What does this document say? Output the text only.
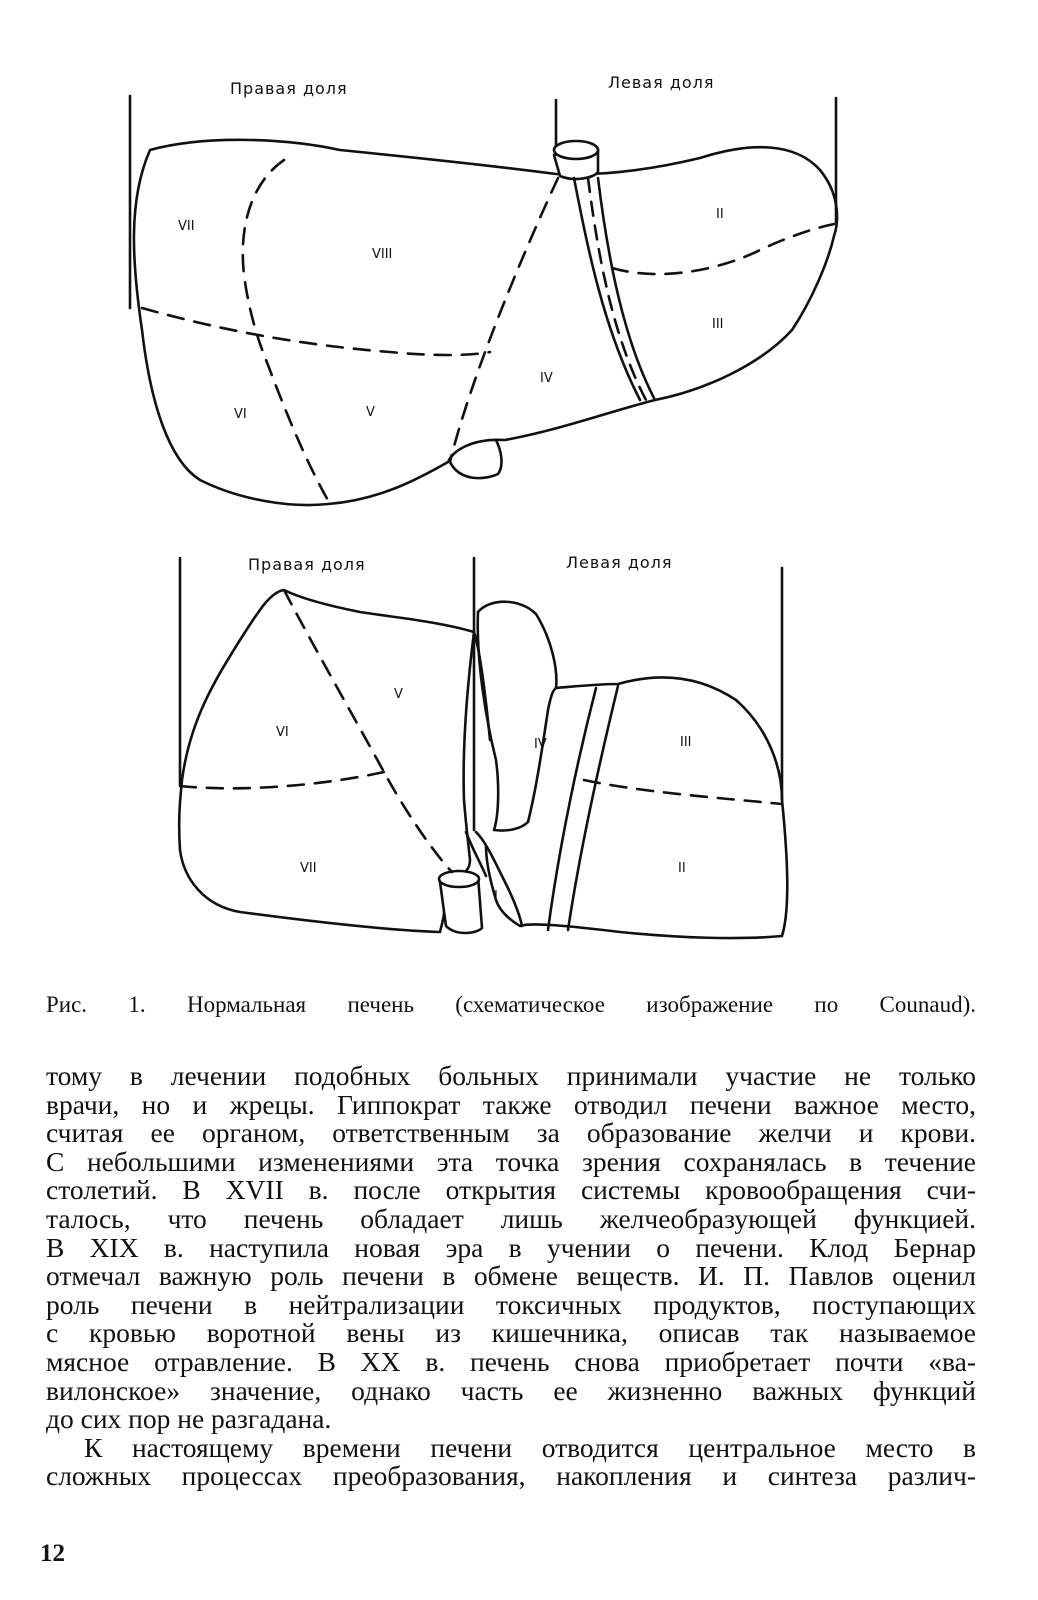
Правая доля	Левая доля
VII
VIII
II
III
IV
VI	V
Правая доля	Левая доля
V
VI
IV	III
VII	II
I
Рис. 1. Нормальная печень (схематическое изображение по Counaud).
тому в лечении подобных больных принимали участие не только
врачи, но и жрецы. Гиппократ также отводил печени важное место,
считая ее органом, ответственным за образование желчи и крови.
С небольшими изменениями эта точка зрения сохранялась в течение
столетий. В XVII в. после открытия системы кровообращения счи-
талось, что печень обладает лишь желчеобразующей функцией.
В XIX в. наступила новая эра в учении о печени. Клод Бернар
отмечал важную роль печени в обмене веществ. И. П. Павлов оценил
роль печени в нейтрализации токсичных продуктов, поступающих
с кровью воротной вены из кишечника, описав так называемое
мясное отравление. В XX в. печень снова приобретает почти «ва-
вилонское» значение, однако часть ее жизненно важных функций
до сих пор не разгадана.
К настоящему времени печени отводится центральное место в
сложных процессах преобразования, накопления и синтеза различ-
12
